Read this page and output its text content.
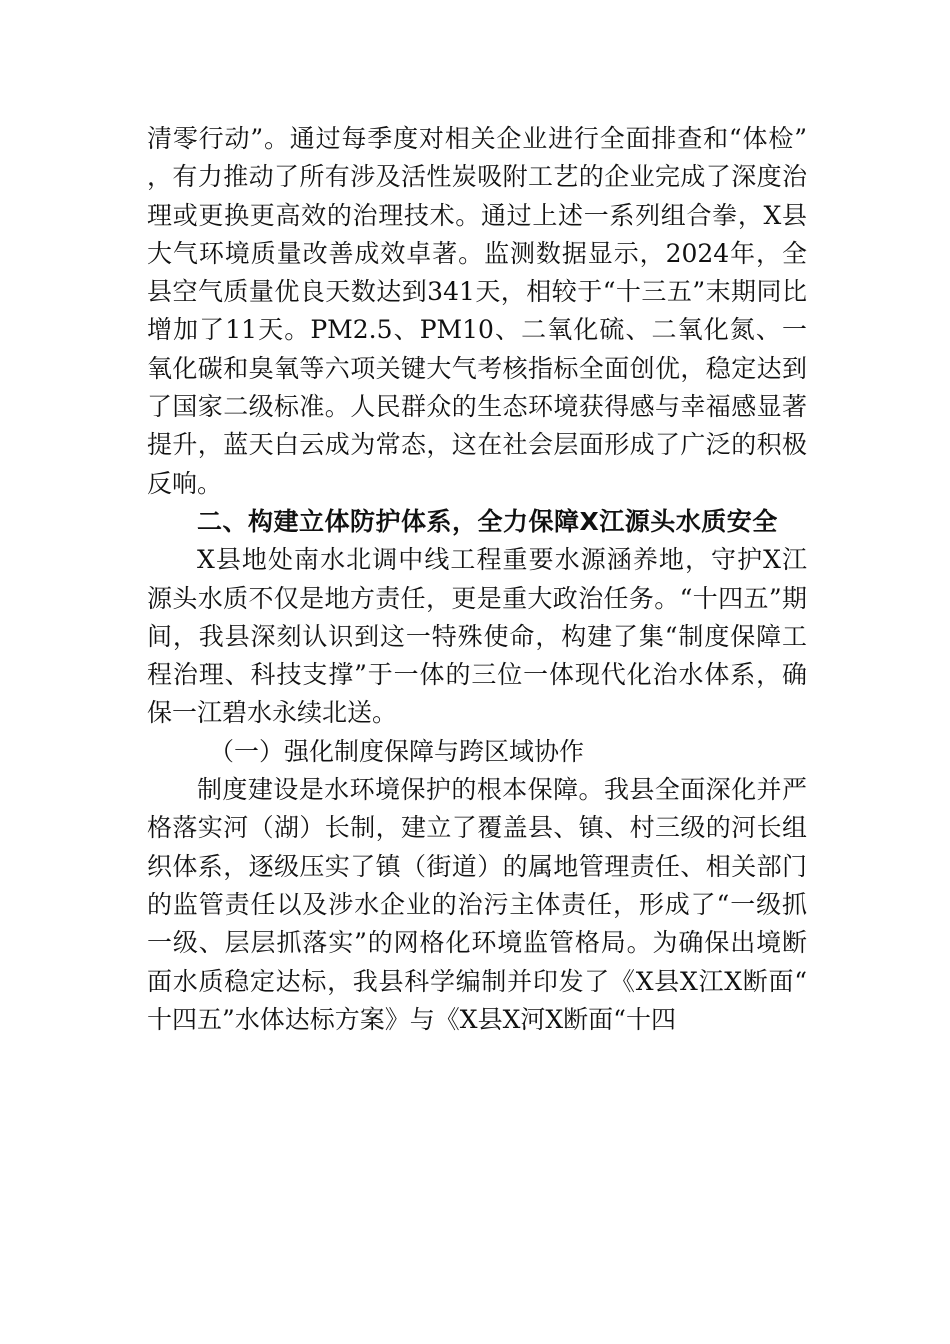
清零行动”。通过每季度对相关企业进行全面排查和“体检”，有力推动了所有涉及活性炭吸附工艺的企业完成了深度治理或更换更高效的治理技术。通过上述一系列组合拳，X县大气环境质量改善成效卓著。监测数据显示，2024年，全县空气质量优良天数达到341天，相较于“十三五”末期同比增加了11天。PM2.5、PM10、二氧化硫、二氧化氮、一氧化碳和臭氧等六项关键大气考核指标全面创优，稳定达到了国家二级标准。人民群众的生态环境获得感与幸福感显著提升，蓝天白云成为常态，这在社会层面形成了广泛的积极反响。

二、构建立体防护体系，全力保障X江源头水质安全

X县地处南水北调中线工程重要水源涵养地，守护X江源头水质不仅是地方责任，更是重大政治任务。“十四五”期间，我县深刻认识到这一特殊使命，构建了集“制度保障工程治理、科技支撑”于一体的三位一体现代化治水体系，确保一江碧水永续北送。

（一）强化制度保障与跨区域协作

制度建设是水环境保护的根本保障。我县全面深化并严格落实河（湖）长制，建立了覆盖县、镇、村三级的河长组织体系，逐级压实了镇（街道）的属地管理责任、相关部门的监管责任以及涉水企业的治污主体责任，形成了“一级抓一级、层层抓落实”的网格化环境监管格局。为确保出境断面水质稳定达标，我县科学编制并印发了《X县X江X断面“十四五”水体达标方案》与《X县X河X断面“十四
